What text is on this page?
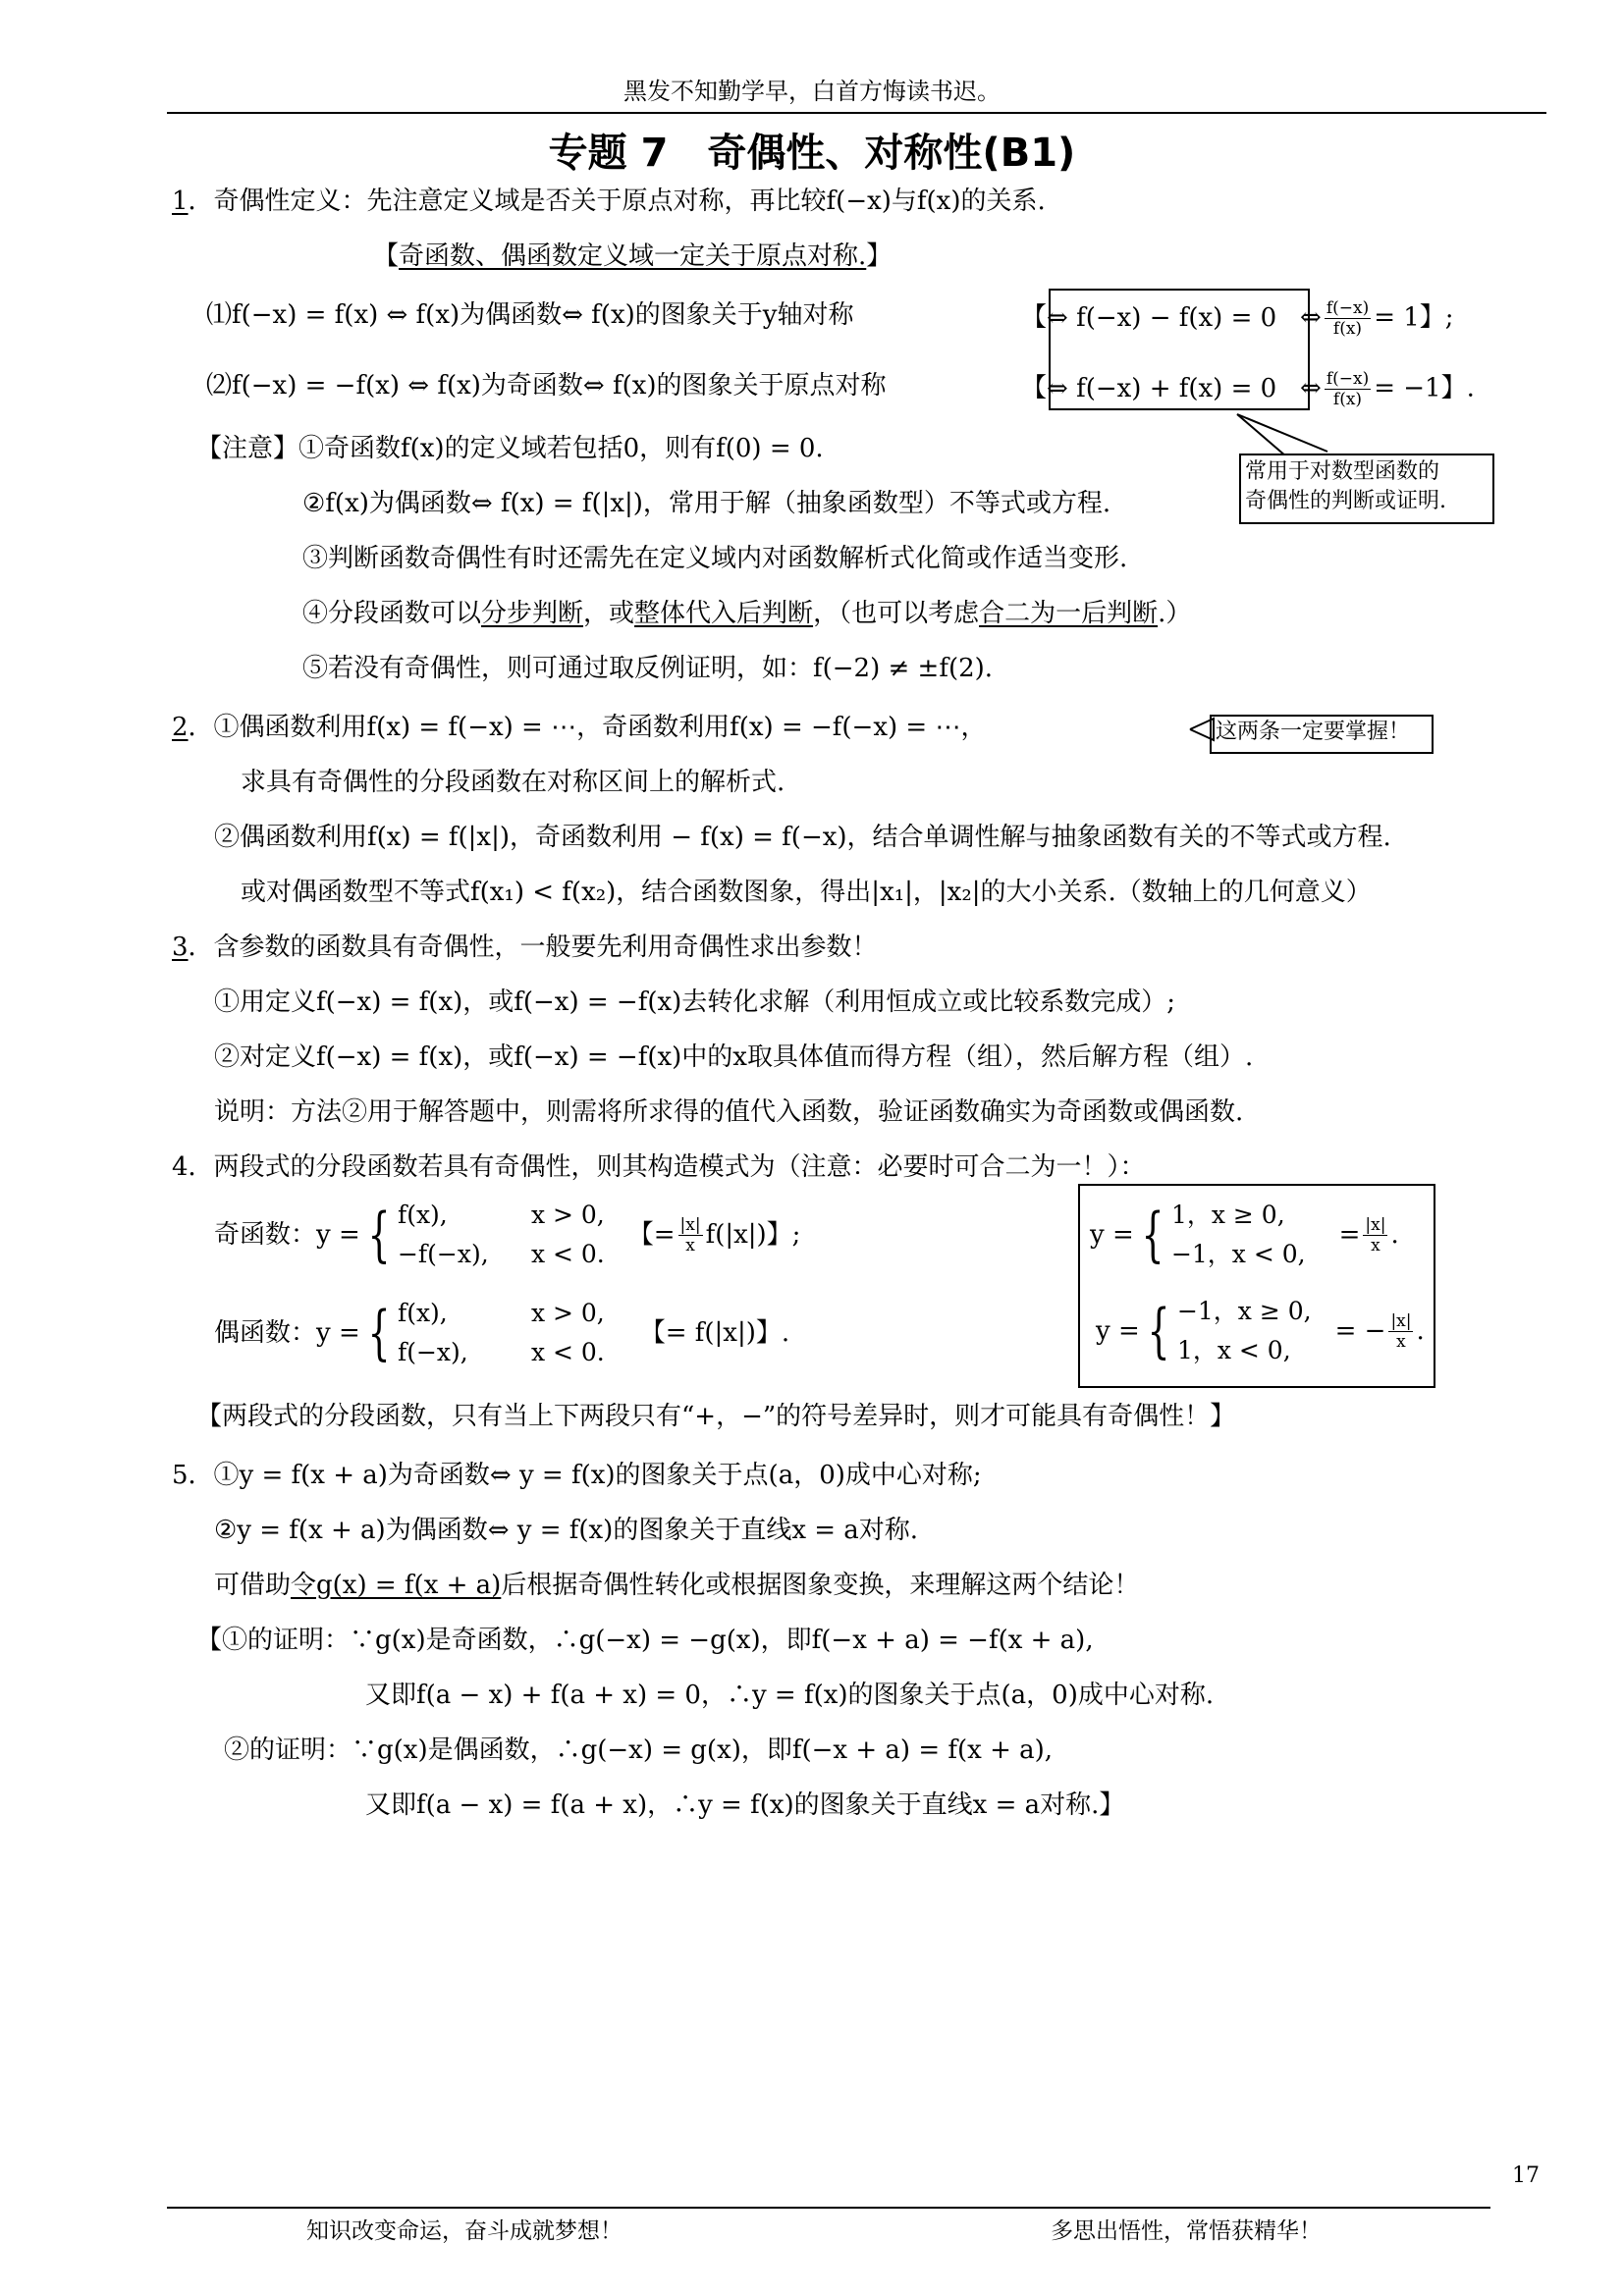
黑发不知勤学早，白首方悔读书迟。
专题 7　奇偶性、对称性(B1)
1．奇偶性定义：先注意定义域是否关于原点对称，再比较f(−x)与f(x)的关系.
【奇函数、偶函数定义域一定关于原点对称.】
⑴f(−x) = f(x) ⇔ f(x)为偶函数⇔ f(x)的图象关于y轴对称
⑵f(−x) = −f(x) ⇔ f(x)为奇函数⇔ f(x)的图象关于原点对称
【⇔ f(−x) − f(x) = 0 ⇔ $\frac{f(-x)}{f(x)} = 1$】;
【⇔ f(−x) + f(x) = 0 ⇔ $\frac{f(-x)}{f(x)} = -1$】.
常用于对数型函数的
奇偶性的判断或证明.
【注意】①奇函数f(x)的定义域若包括0，则有f(0) = 0.
②f(x)为偶函数⇔ f(x) = f(|x|)，常用于解（抽象函数型）不等式或方程.
③判断函数奇偶性有时还需先在定义域内对函数解析式化简或作适当变形.
④分段函数可以分步判断，或整体代入后判断，（也可以考虑合二为一后判断.）
⑤若没有奇偶性，则可通过取反例证明，如：f(−2) ≠ ±f(2).
2．①偶函数利用f(x) = f(−x) = ⋯，奇函数利用f(x) = −f(−x) = ⋯，	这两条一定要掌握！
求具有奇偶性的分段函数在对称区间上的解析式.
②偶函数利用f(x) = f(|x|)，奇函数利用 − f(x) = f(−x)，结合单调性解与抽象函数有关的不等式或方程.
或对偶函数型不等式f(x₁) < f(x₂)，结合函数图象，得出|x₁|，|x₂|的大小关系.（数轴上的几何意义）
3．含参数的函数具有奇偶性，一般要先利用奇偶性求出参数！
①用定义f(−x) = f(x)，或f(−x) = −f(x)去转化求解（利用恒成立或比较系数完成）;
②对定义f(−x) = f(x)，或f(−x) = −f(x)中的x取具体值而得方程（组），然后解方程（组）.
说明：方法②用于解答题中，则需将所求得的值代入函数，验证函数确实为奇函数或偶函数.
4．两段式的分段函数若具有奇偶性，则其构造模式为（注意：必要时可合二为一！）：
奇函数：y = { f(x),	x > 0,
−f(−x), x < 0.
【= $\frac{|x|}{x} f(|x|)$】;
偶函数：y = { f(x),	x > 0,
f(−x),	x < 0.
【= f(|x|)】.
y = { 1，x ≥ 0,
−1，x < 0,
= $\frac{|x|}{x}$ .
y = { −1，x ≥ 0,
1，x < 0,
= − $\frac{|x|}{x}$ .
【两段式的分段函数，只有当上下两段只有“+，−”的符号差异时，则才可能具有奇偶性！】
5．①y = f(x + a)为奇函数⇔ y = f(x)的图象关于点(a，0)成中心对称;
②y = f(x + a)为偶函数⇔ y = f(x)的图象关于直线x = a对称.
可借助令g(x) = f(x + a)后根据奇偶性转化或根据图象变换，来理解这两个结论！
【①的证明：∵g(x)是奇函数，∴g(−x) = −g(x)，即f(−x + a) = −f(x + a),
又即f(a − x) + f(a + x) = 0，∴y = f(x)的图象关于点(a，0)成中心对称.
②的证明：∵g(x)是偶函数，∴g(−x) = g(x)，即f(−x + a) = f(x + a),
又即f(a − x) = f(a + x)，∴y = f(x)的图象关于直线x = a对称.】
17
知识改变命运，奋斗成就梦想！	多思出悟性，常悟获精华！
